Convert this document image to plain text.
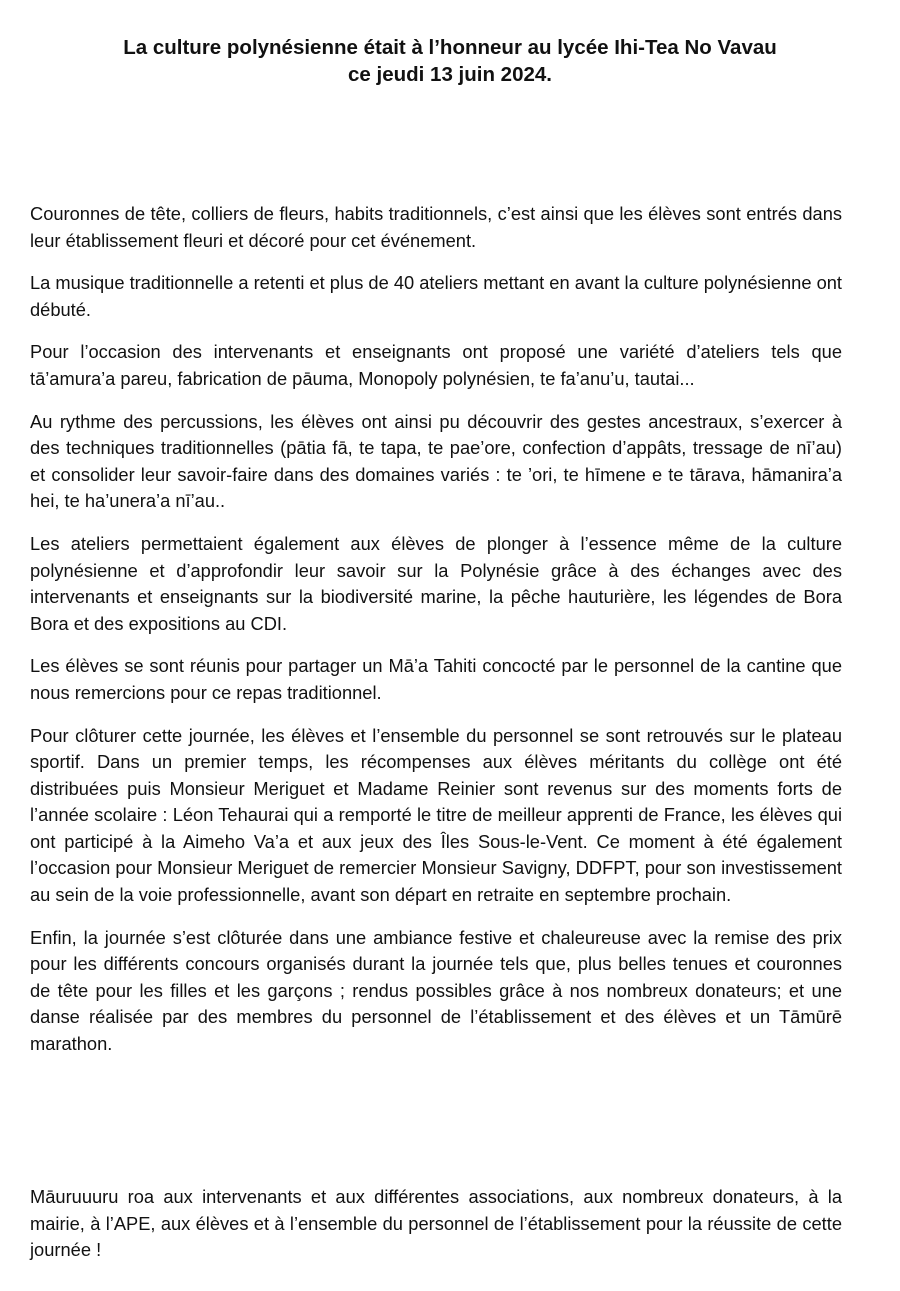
La culture polynésienne était à l’honneur au lycée Ihi-Tea No Vavau
ce jeudi 13 juin 2024.

Couronnes de tête, colliers de fleurs, habits traditionnels, c’est ainsi que les élèves sont entrés dans leur établissement fleuri et décoré pour cet événement.

La musique traditionnelle a retenti et plus de 40 ateliers mettant en avant la culture polynésienne ont débuté.

Pour l’occasion des intervenants et enseignants ont proposé une variété d’ateliers tels que tā’amura’a pareu, fabrication de pāuma, Monopoly polynésien, te fa’anu’u, tautai...

Au rythme des percussions, les élèves ont ainsi pu découvrir des gestes ancestraux, s’exercer à des techniques traditionnelles (pātia fā, te tapa, te pae’ore, confection d’appâts, tressage de nī’au) et consolider leur savoir-faire dans des domaines variés : te ’ori, te hīmene e te tārava, hāmanira’a hei, te ha’unera’a nī’au..

Les ateliers permettaient également aux élèves de plonger à l’essence même de la culture polynésienne et d’approfondir leur savoir sur la Polynésie grâce à des échanges avec des intervenants et enseignants sur la biodiversité marine, la pêche hauturière, les légendes de Bora Bora et des expositions au CDI.

Les élèves se sont réunis pour partager un Mā’a Tahiti concocté par le personnel de la cantine que nous remercions pour ce repas traditionnel.

Pour clôturer cette journée, les élèves et l’ensemble du personnel se sont retrouvés sur le plateau sportif. Dans un premier temps, les récompenses aux élèves méritants du collège ont été distribuées puis Monsieur Meriguet et Madame Reinier sont revenus sur des moments forts de l’année scolaire : Léon Tehaurai qui a remporté le titre de meilleur apprenti de France, les élèves qui ont participé à la Aimeho Va’a et aux jeux des Îles Sous-le-Vent. Ce moment à été également l’occasion pour Monsieur Meriguet de remercier Monsieur Savigny, DDFPT, pour son investissement au sein de la voie professionnelle, avant son départ en retraite en septembre prochain.

Enfin, la journée s’est clôturée dans une ambiance festive et chaleureuse avec la remise des prix pour les différents concours organisés durant la journée tels que, plus belles tenues et couronnes de tête pour les filles et les garçons ; rendus possibles grâce à nos nombreux donateurs; et une danse réalisée par des membres du personnel de l’établissement et des élèves et un Tāmūrē marathon.

Māuruuuru roa aux intervenants et aux différentes associations, aux nombreux donateurs, à la mairie, à l’APE, aux élèves et à l’ensemble du personnel de l’établissement pour la réussite de cette journée !
